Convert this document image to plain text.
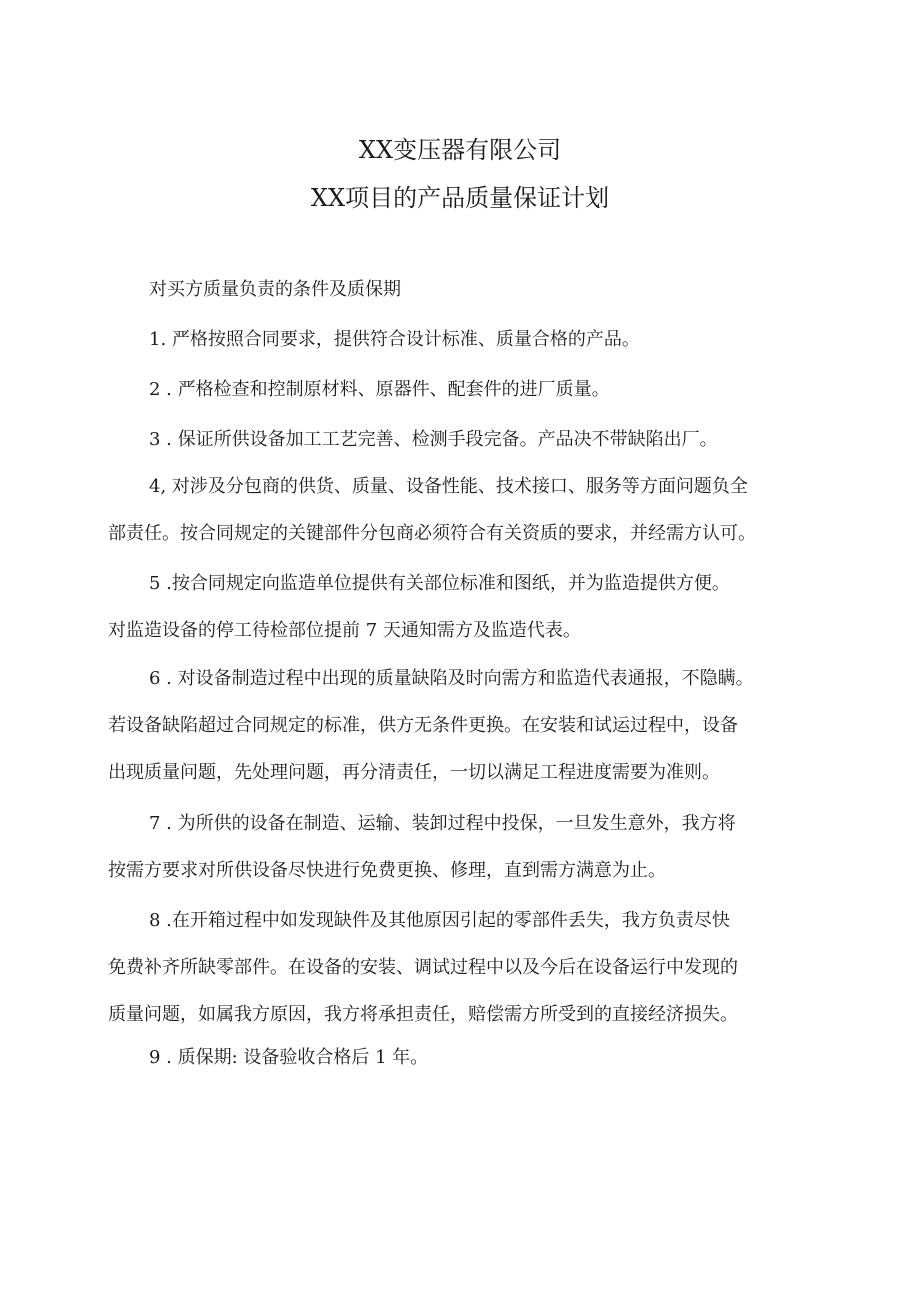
XX变压器有限公司
XX项目的产品质量保证计划
对买方质量负责的条件及质保期
1. 严格按照合同要求，提供符合设计标准、质量合格的产品。
2 . 严格检查和控制原材料、原器件、配套件的进厂质量。
3 . 保证所供设备加工工艺完善、检测手段完备。产品决不带缺陷出厂。
4, 对涉及分包商的供货、质量、设备性能、技术接口、服务等方面问题负全
部责任。按合同规定的关键部件分包商必须符合有关资质的要求，并经需方认可。
5 .按合同规定向监造单位提供有关部位标准和图纸，并为监造提供方便。
对监造设备的停工待检部位提前 7 天通知需方及监造代表。
6 . 对设备制造过程中出现的质量缺陷及时向需方和监造代表通报，不隐瞒。
若设备缺陷超过合同规定的标准，供方无条件更换。在安装和试运过程中，设备
出现质量问题，先处理问题，再分清责任，一切以满足工程进度需要为准则。
7 . 为所供的设备在制造、运输、装卸过程中投保，一旦发生意外，我方将
按需方要求对所供设备尽快进行免费更换、修理，直到需方满意为止。
8 .在开箱过程中如发现缺件及其他原因引起的零部件丢失，我方负责尽快
免费补齐所缺零部件。在设备的安装、调试过程中以及今后在设备运行中发现的
质量问题，如属我方原因，我方将承担责任，赔偿需方所受到的直接经济损失。
9 . 质保期: 设备验收合格后 1 年。
